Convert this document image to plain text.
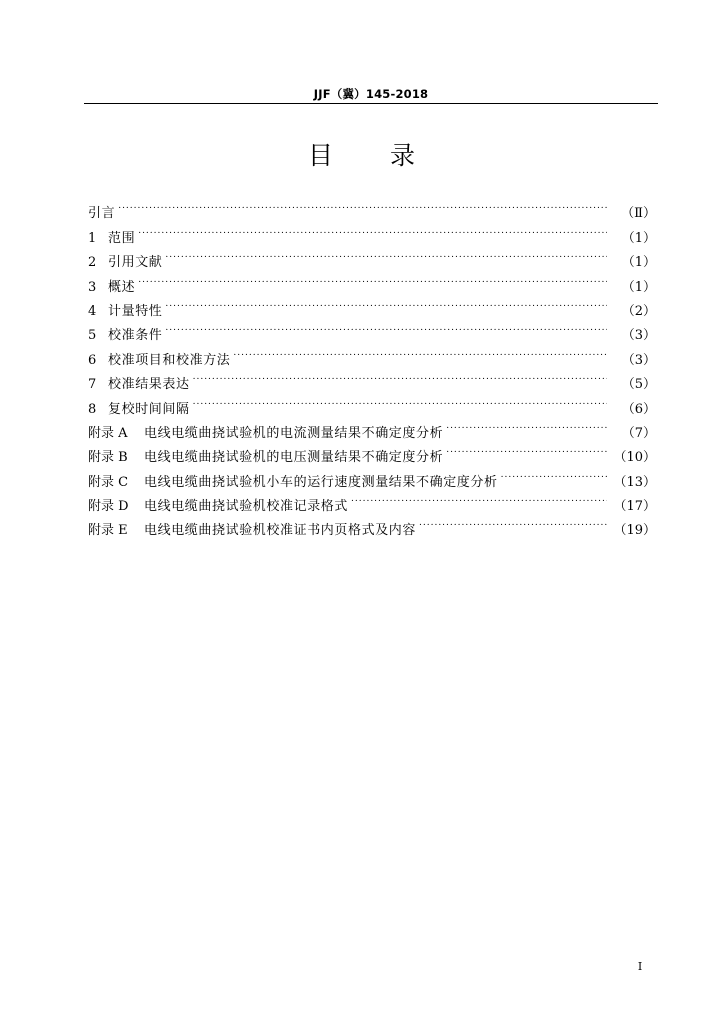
JJF（冀）145-2018
目 录
引言 .....	（Ⅱ）
1 范围 .....	（1）
2 引用文献 .....	（1）
3 概述 .....	（1）
4 计量特性 .....	（2）
5 校准条件 .....	（3）
6 校准项目和校准方法 .....	（3）
7 校准结果表达 .....	（5）
8 复校时间间隔 .....	（6）
附录 A	电线电缆曲挠试验机的电流测量结果不确定度分析 .....	（7）
附录 B	电线电缆曲挠试验机的电压测量结果不确定度分析 .....	（10）
附录 C	电线电缆曲挠试验机小车的运行速度测量结果不确定度分析 .....	（13）
附录 D	电线电缆曲挠试验机校准记录格式 .....	（17）
附录 E	电线电缆曲挠试验机校准证书内页格式及内容 .....	（19）
I
